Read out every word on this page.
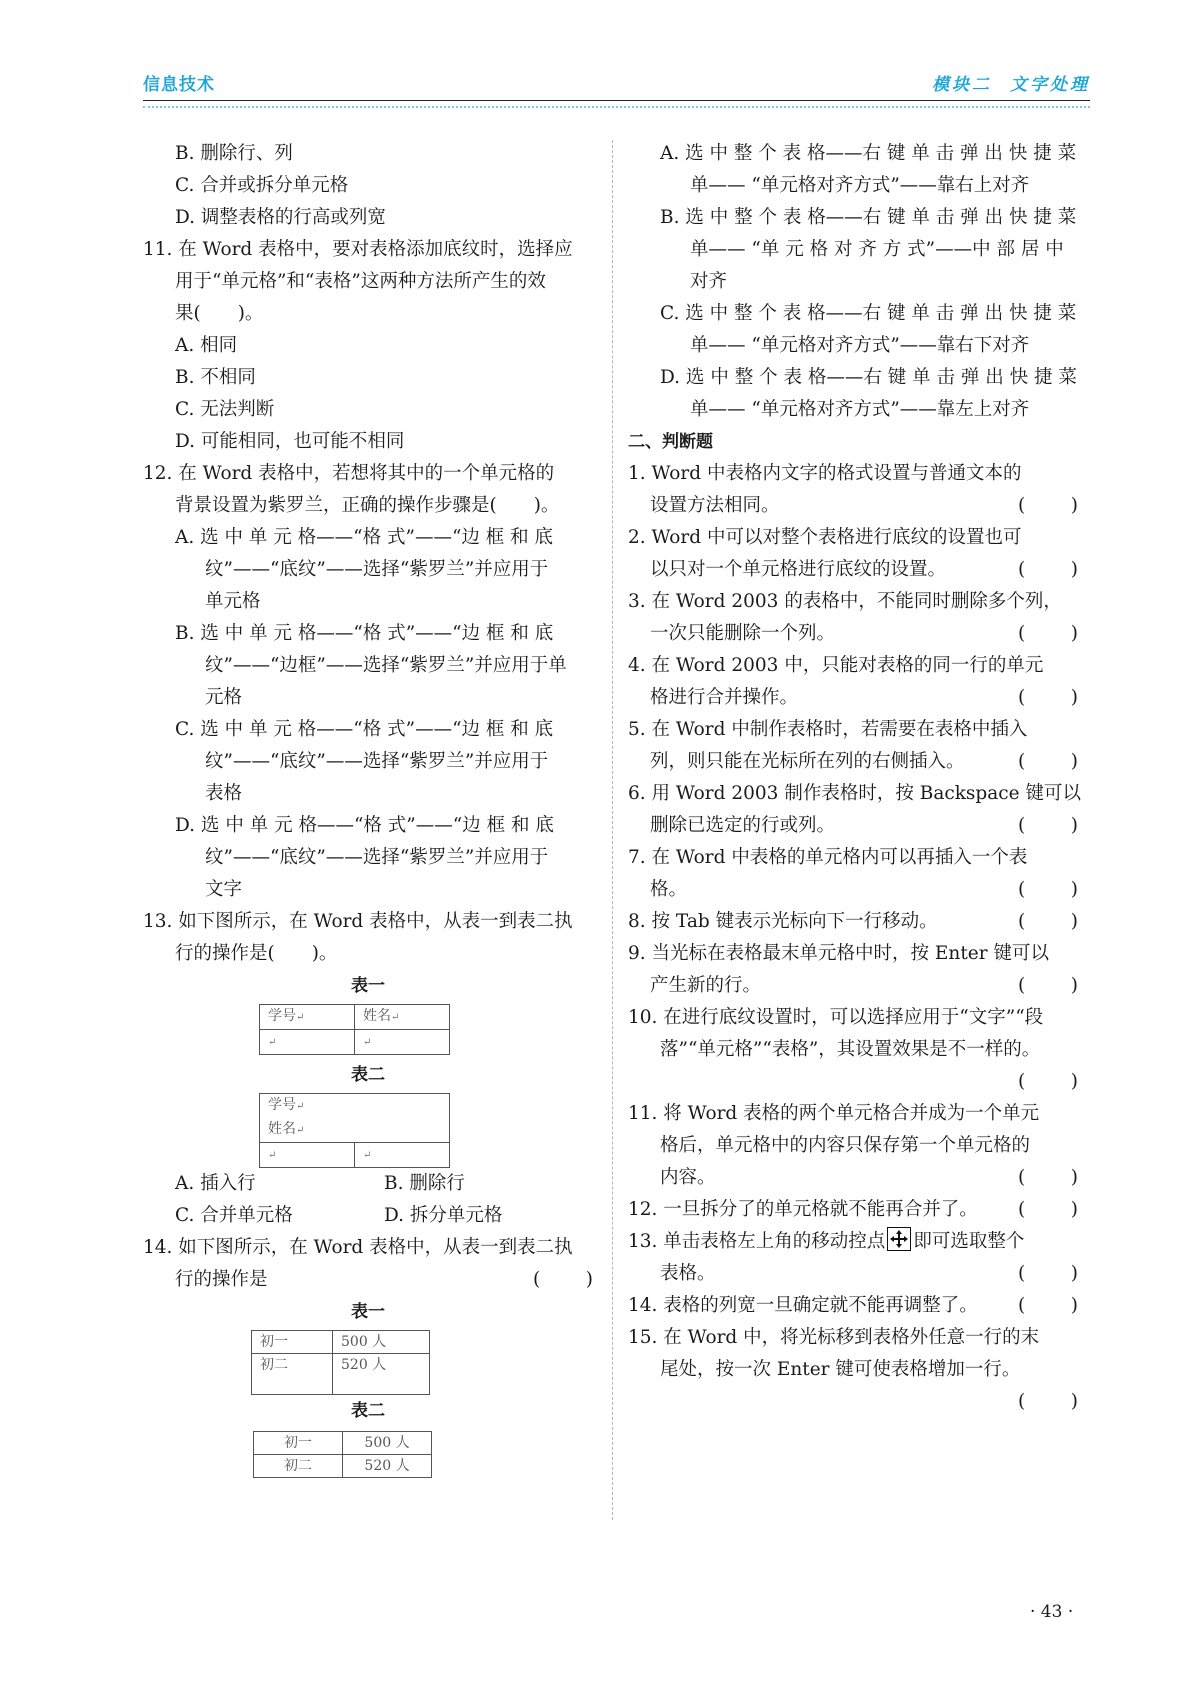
信息技术	模块二 文字处理
B. 删除行、列
C. 合并或拆分单元格
D. 调整表格的行高或列宽
11. 在 Word 表格中，要对表格添加底纹时，选择应
用于“单元格”和“表格”这两种方法所产生的效
果(　　)。
A. 相同
B. 不相同
C. 无法判断
D. 可能相同，也可能不相同
12. 在 Word 表格中，若想将其中的一个单元格的
背景设置为紫罗兰，正确的操作步骤是(　　)。
A. 选 中 单 元 格——“格 式”——“边 框 和 底
纹”——“底纹”——选择“紫罗兰”并应用于
单元格
B. 选 中 单 元 格——“格 式”——“边 框 和 底
纹”——“边框”——选择“紫罗兰”并应用于单
元格
C. 选 中 单 元 格——“格 式”——“边 框 和 底
纹”——“底纹”——选择“紫罗兰”并应用于
表格
D. 选 中 单 元 格——“格 式”——“边 框 和 底
纹”——“底纹”——选择“紫罗兰”并应用于
文字
13. 如下图所示，在 Word 表格中，从表一到表二执
行的操作是(　　)。
表一
学号↵	姓名↵
↵	↵
表二
学号↵
姓名↵

↵	↵
A. 插入行	B. 删除行
C. 合并单元格	D. 拆分单元格
14. 如下图所示，在 Word 表格中，从表一到表二执
行的操作是	(　　)
表一
初一	500 人
初二	520 人
表二
初一	500 人
初二	520 人
A. 选 中 整 个 表 格——右 键 单 击 弹 出 快 捷 菜
单—— “单元格对齐方式”——靠右上对齐
B. 选 中 整 个 表 格——右 键 单 击 弹 出 快 捷 菜
单—— “单 元 格 对 齐 方 式”——中 部 居 中
对齐
C. 选 中 整 个 表 格——右 键 单 击 弹 出 快 捷 菜
单—— “单元格对齐方式”——靠右下对齐
D. 选 中 整 个 表 格——右 键 单 击 弹 出 快 捷 菜
单—— “单元格对齐方式”——靠左上对齐
二、判断题
1. Word 中表格内文字的格式设置与普通文本的
设置方法相同。	(　　)
2. Word 中可以对整个表格进行底纹的设置也可
以只对一个单元格进行底纹的设置。	(　　)
3. 在 Word 2003 的表格中，不能同时删除多个列，
一次只能删除一个列。	(　　)
4. 在 Word 2003 中，只能对表格的同一行的单元
格进行合并操作。	(　　)
5. 在 Word 中制作表格时，若需要在表格中插入
列，则只能在光标所在列的右侧插入。	(　　)
6. 用 Word 2003 制作表格时，按 Backspace 键可以
删除已选定的行或列。	(　　)
7. 在 Word 中表格的单元格内可以再插入一个表
格。	(　　)
8. 按 Tab 键表示光标向下一行移动。	(　　)
9. 当光标在表格最末单元格中时，按 Enter 键可以
产生新的行。	(　　)
10. 在进行底纹设置时，可以选择应用于“文字”“段
落”“单元格”“表格”，其设置效果是不一样的。
(　　)
11. 将 Word 表格的两个单元格合并成为一个单元
格后，单元格中的内容只保存第一个单元格的
内容。	(　　)
12. 一旦拆分了的单元格就不能再合并了。 (　　)
13. 单击表格左上角的移动控点 即可选取整个
表格。	(　　)
14. 表格的列宽一旦确定就不能再调整了。 (　　)
15. 在 Word 中，将光标移到表格外任意一行的末
尾处，按一次 Enter 键可使表格增加一行。
(　　)
· 43 ·
